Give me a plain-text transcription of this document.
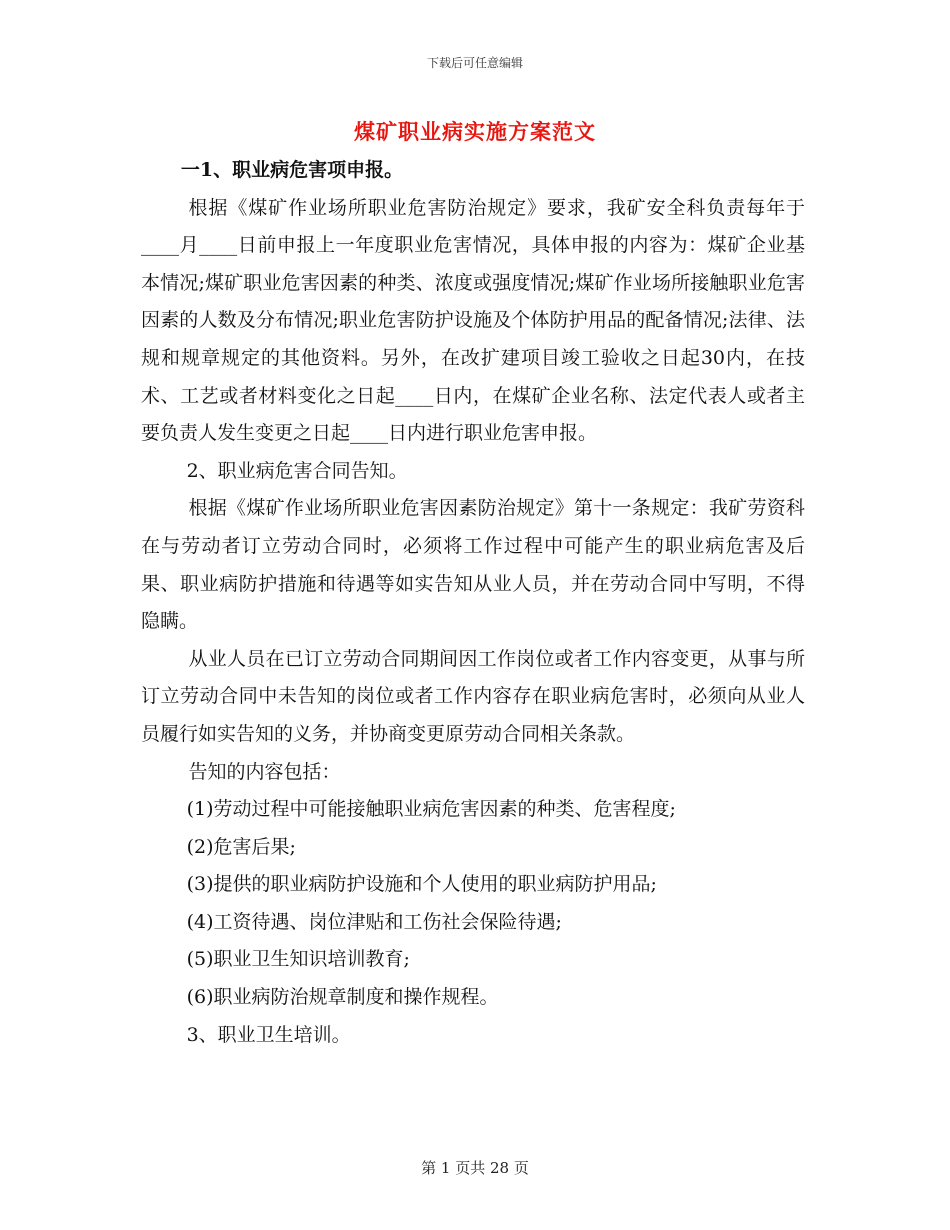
下载后可任意编辑
煤矿职业病实施方案范文

一1、职业病危害项申报。

根据《煤矿作业场所职业危害防治规定》要求，我矿安全科负责每年于____月____日前申报上一年度职业危害情况，具体申报的内容为：煤矿企业基本情况;煤矿职业危害因素的种类、浓度或强度情况;煤矿作业场所接触职业危害因素的人数及分布情况;职业危害防护设施及个体防护用品的配备情况;法律、法规和规章规定的其他资料。另外，在改扩建项目竣工验收之日起30内，在技术、工艺或者材料变化之日起____日内，在煤矿企业名称、法定代表人或者主要负责人发生变更之日起____日内进行职业危害申报。

2、职业病危害合同告知。

根据《煤矿作业场所职业危害因素防治规定》第十一条规定：我矿劳资科在与劳动者订立劳动合同时，必须将工作过程中可能产生的职业病危害及后果、职业病防护措施和待遇等如实告知从业人员，并在劳动合同中写明，不得隐瞒。

从业人员在已订立劳动合同期间因工作岗位或者工作内容变更，从事与所订立劳动合同中未告知的岗位或者工作内容存在职业病危害时，必须向从业人员履行如实告知的义务，并协商变更原劳动合同相关条款。

告知的内容包括：

(1)劳动过程中可能接触职业病危害因素的种类、危害程度;

(2)危害后果;

(3)提供的职业病防护设施和个人使用的职业病防护用品;

(4)工资待遇、岗位津贴和工伤社会保险待遇;

(5)职业卫生知识培训教育;

(6)职业病防治规章制度和操作规程。

3、职业卫生培训。

第 1 页共 28 页
